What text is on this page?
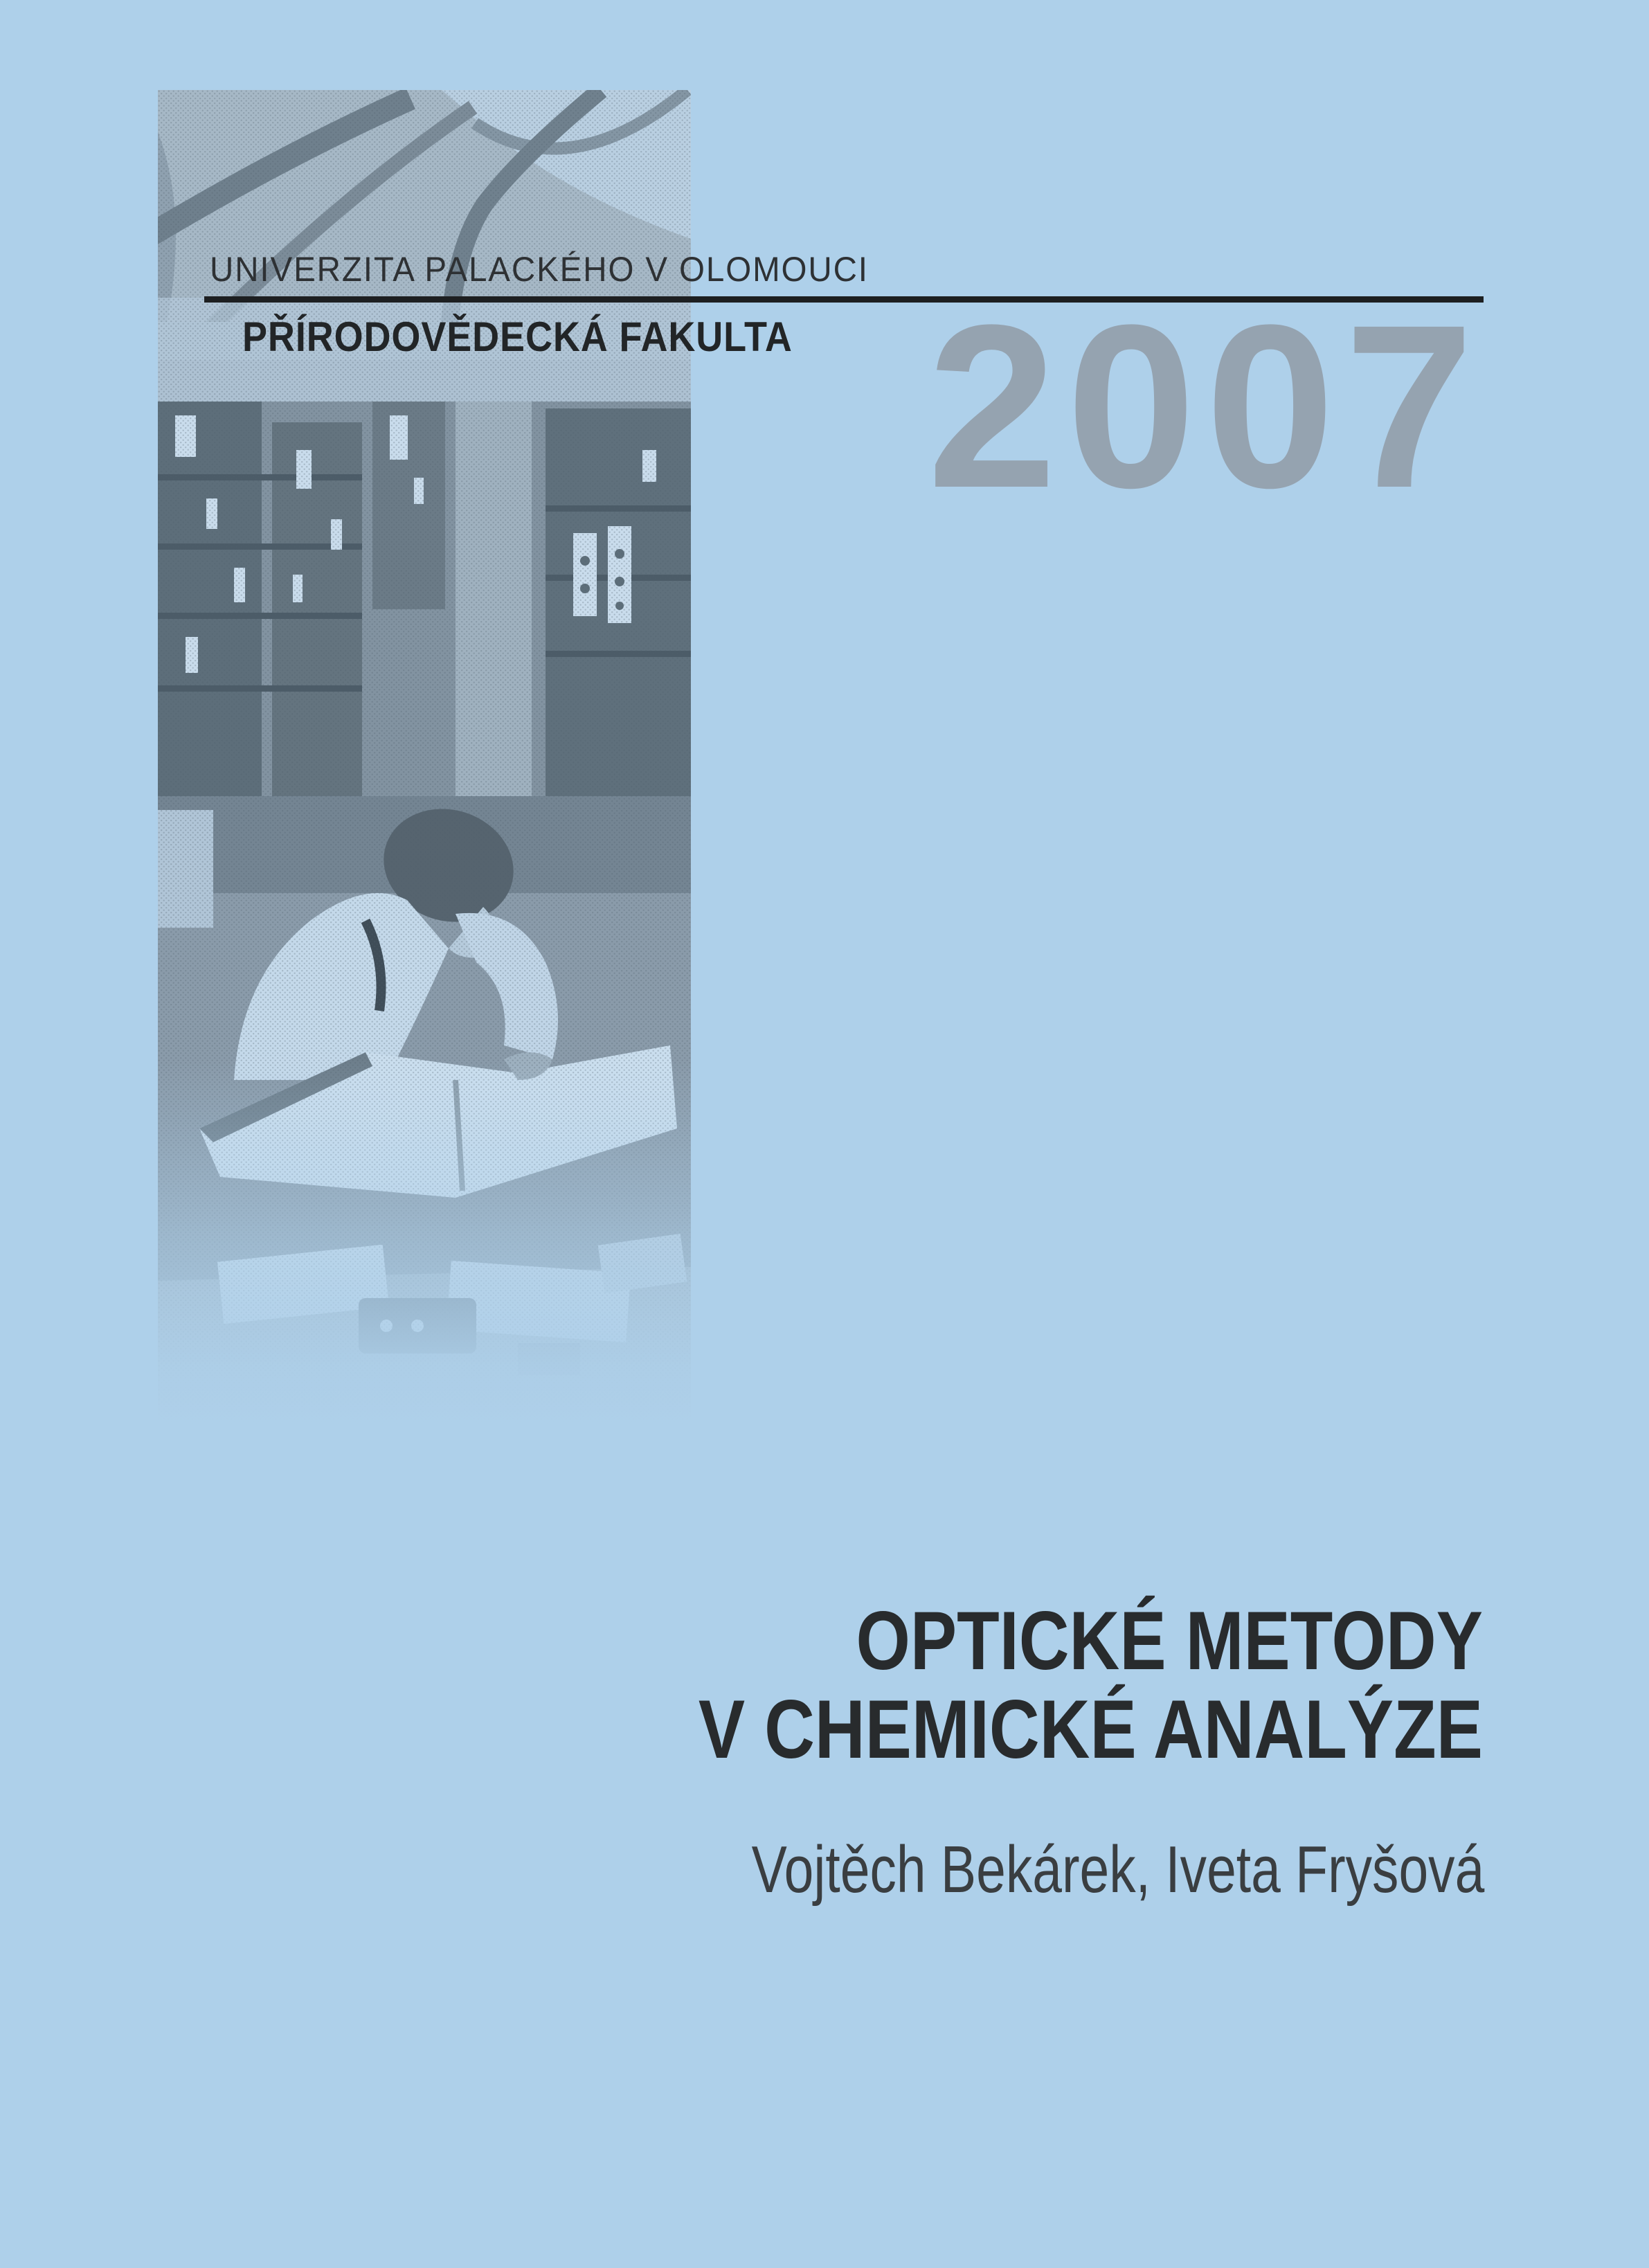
UNIVERZITA PALACKÉHO V OLOMOUCI
PŘÍRODOVĚDECKÁ FAKULTA 2007
OPTICKÉ METODY
V CHEMICKÉ ANALÝZE
Vojtěch Bekárek, Iveta Fryšová
